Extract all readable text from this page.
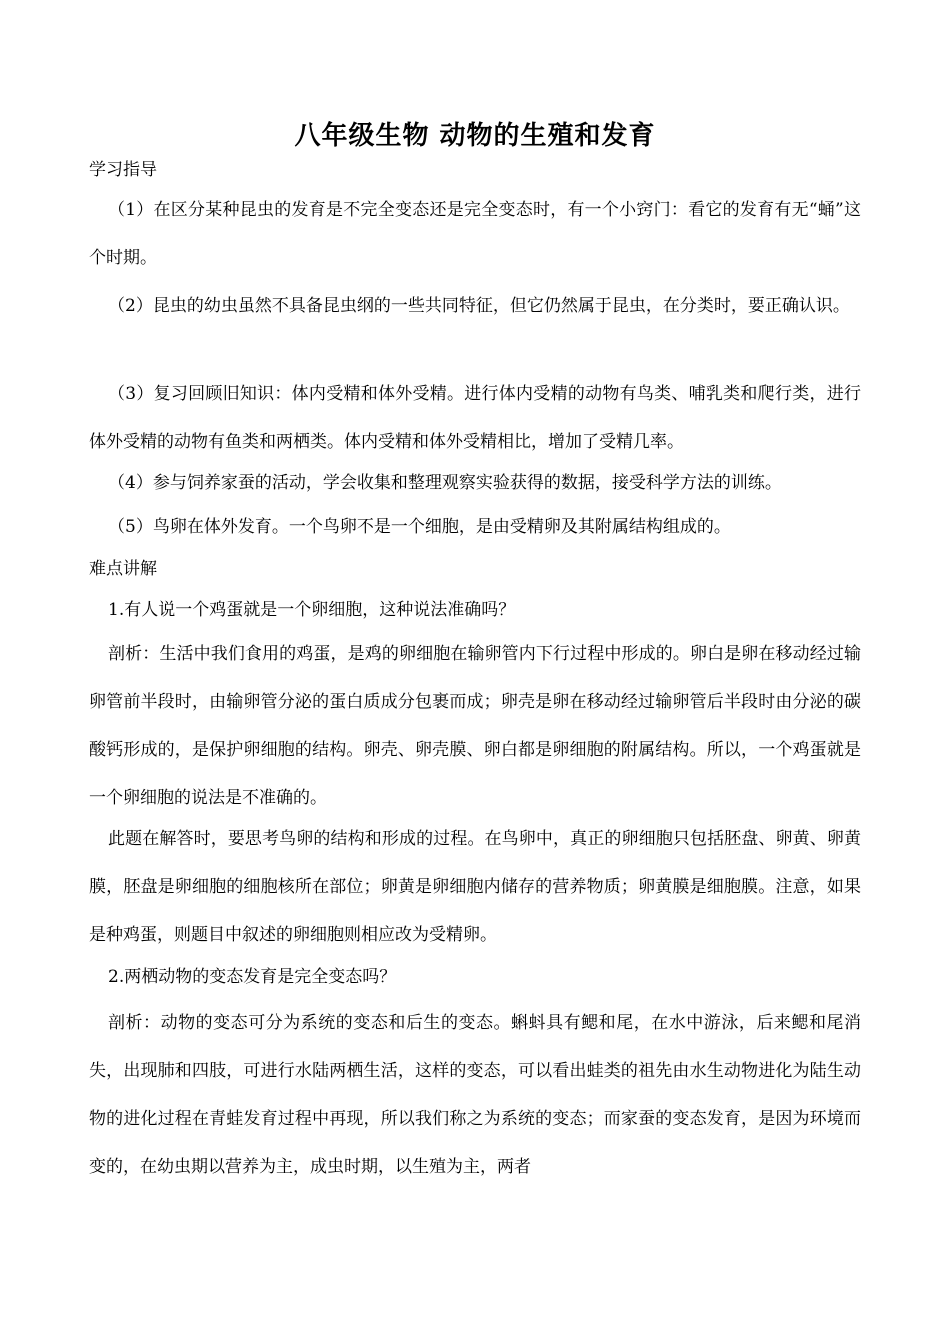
八年级生物 动物的生殖和发育
学习指导
（1）在区分某种昆虫的发育是不完全变态还是完全变态时，有一个小窍门：看它的发育有无“蛹”这个时期。
（2）昆虫的幼虫虽然不具备昆虫纲的一些共同特征，但它仍然属于昆虫，在分类时，要正确认识。
（3）复习回顾旧知识：体内受精和体外受精。进行体内受精的动物有鸟类、哺乳类和爬行类，进行体外受精的动物有鱼类和两栖类。体内受精和体外受精相比，增加了受精几率。
（4）参与饲养家蚕的活动，学会收集和整理观察实验获得的数据，接受科学方法的训练。
（5）鸟卵在体外发育。一个鸟卵不是一个细胞，是由受精卵及其附属结构组成的。
难点讲解
1.有人说一个鸡蛋就是一个卵细胞，这种说法准确吗？
剖析：生活中我们食用的鸡蛋，是鸡的卵细胞在输卵管内下行过程中形成的。卵白是卵在移动经过输卵管前半段时，由输卵管分泌的蛋白质成分包裹而成；卵壳是卵在移动经过输卵管后半段时由分泌的碳酸钙形成的，是保护卵细胞的结构。卵壳、卵壳膜、卵白都是卵细胞的附属结构。所以，一个鸡蛋就是一个卵细胞的说法是不准确的。
此题在解答时，要思考鸟卵的结构和形成的过程。在鸟卵中，真正的卵细胞只包括胚盘、卵黄、卵黄膜，胚盘是卵细胞的细胞核所在部位；卵黄是卵细胞内储存的营养物质；卵黄膜是细胞膜。注意，如果是种鸡蛋，则题目中叙述的卵细胞则相应改为受精卵。
2.两栖动物的变态发育是完全变态吗？
剖析：动物的变态可分为系统的变态和后生的变态。蝌蚪具有鳃和尾，在水中游泳，后来鳃和尾消失，出现肺和四肢，可进行水陆两栖生活，这样的变态，可以看出蛙类的祖先由水生动物进化为陆生动物的进化过程在青蛙发育过程中再现，所以我们称之为系统的变态；而家蚕的变态发育，是因为环境而变的，在幼虫期以营养为主，成虫时期，以生殖为主，两者
